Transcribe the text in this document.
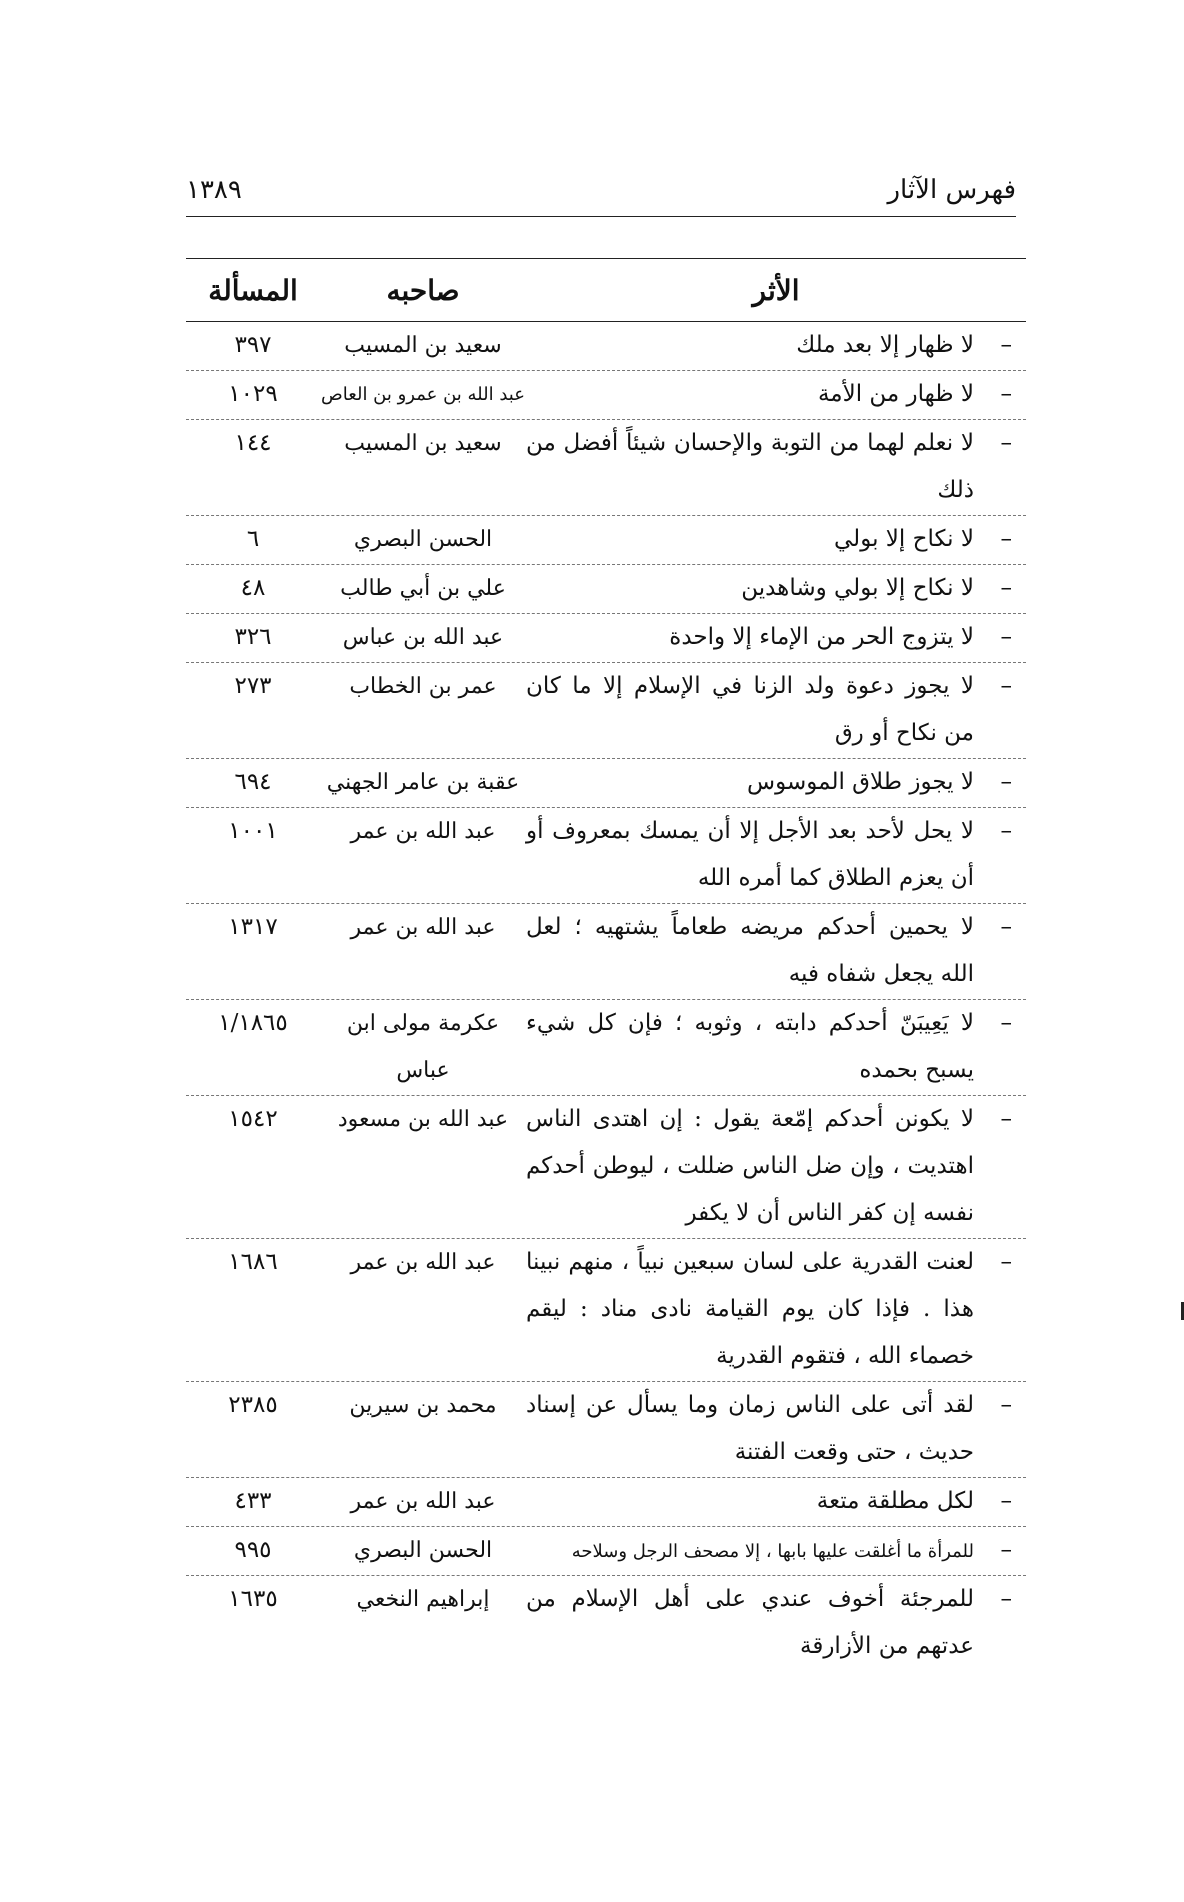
فهرس الآثار
١٣٨٩
الأثر
صاحبه
المسألة
–
لا ظهار إلا بعد ملك
سعيد بن المسيب
٣٩٧
–
لا ظهار من الأمة
عبد الله بن عمرو بن العاص
١٠٢٩
–
لا نعلم لهما من التوبة والإحسان شيئاً أفضل من ذلك
سعيد بن المسيب
١٤٤
–
لا نكاح إلا بولي
الحسن البصري
٦
–
لا نكاح إلا بولي وشاهدين
علي بن أبي طالب
٤٨
–
لا يتزوج الحر من الإماء إلا واحدة
عبد الله بن عباس
٣٢٦
–
لا يجوز دعوة ولد الزنا في الإسلام إلا ما كان من نكاح أو رق
عمر بن الخطاب
٢٧٣
–
لا يجوز طلاق الموسوس
عقبة بن عامر الجهني
٦٩٤
–
لا يحل لأحد بعد الأجل إلا أن يمسك بمعروف أو أن يعزم الطلاق كما أمره الله
عبد الله بن عمر
١٠٠١
–
لا يحمين أحدكم مريضه طعاماً يشتهيه ؛ لعل الله يجعل شفاه فيه
عبد الله بن عمر
١٣١٧
–
لا يَعِيبَنّ أحدكم دابته ، وثوبه ؛ فإن كل شيء يسبح بحمده
عكرمة مولى ابن عباس
١/١٨٦٥
–
لا يكونن أحدكم إمّعة يقول : إن اهتدى الناس اهتديت ، وإن ضل الناس ضللت ، ليوطن أحدكم نفسه إن كفر الناس أن لا يكفر
عبد الله بن مسعود
١٥٤٢
–
لعنت القدرية على لسان سبعين نبياً ، منهم نبينا هذا . فإذا كان يوم القيامة نادى مناد : ليقم خصماء الله ، فتقوم القدرية
عبد الله بن عمر
١٦٨٦
–
لقد أتى على الناس زمان وما يسأل عن إسناد حديث ، حتى وقعت الفتنة
محمد بن سيرين
٢٣٨٥
–
لكل مطلقة متعة
عبد الله بن عمر
٤٣٣
–
للمرأة ما أغلقت عليها بابها ، إلا مصحف الرجل وسلاحه
الحسن البصري
٩٩٥
–
للمرجئة أخوف عندي على أهل الإسلام من عدتهم من الأزارقة
إبراهيم النخعي
١٦٣٥
